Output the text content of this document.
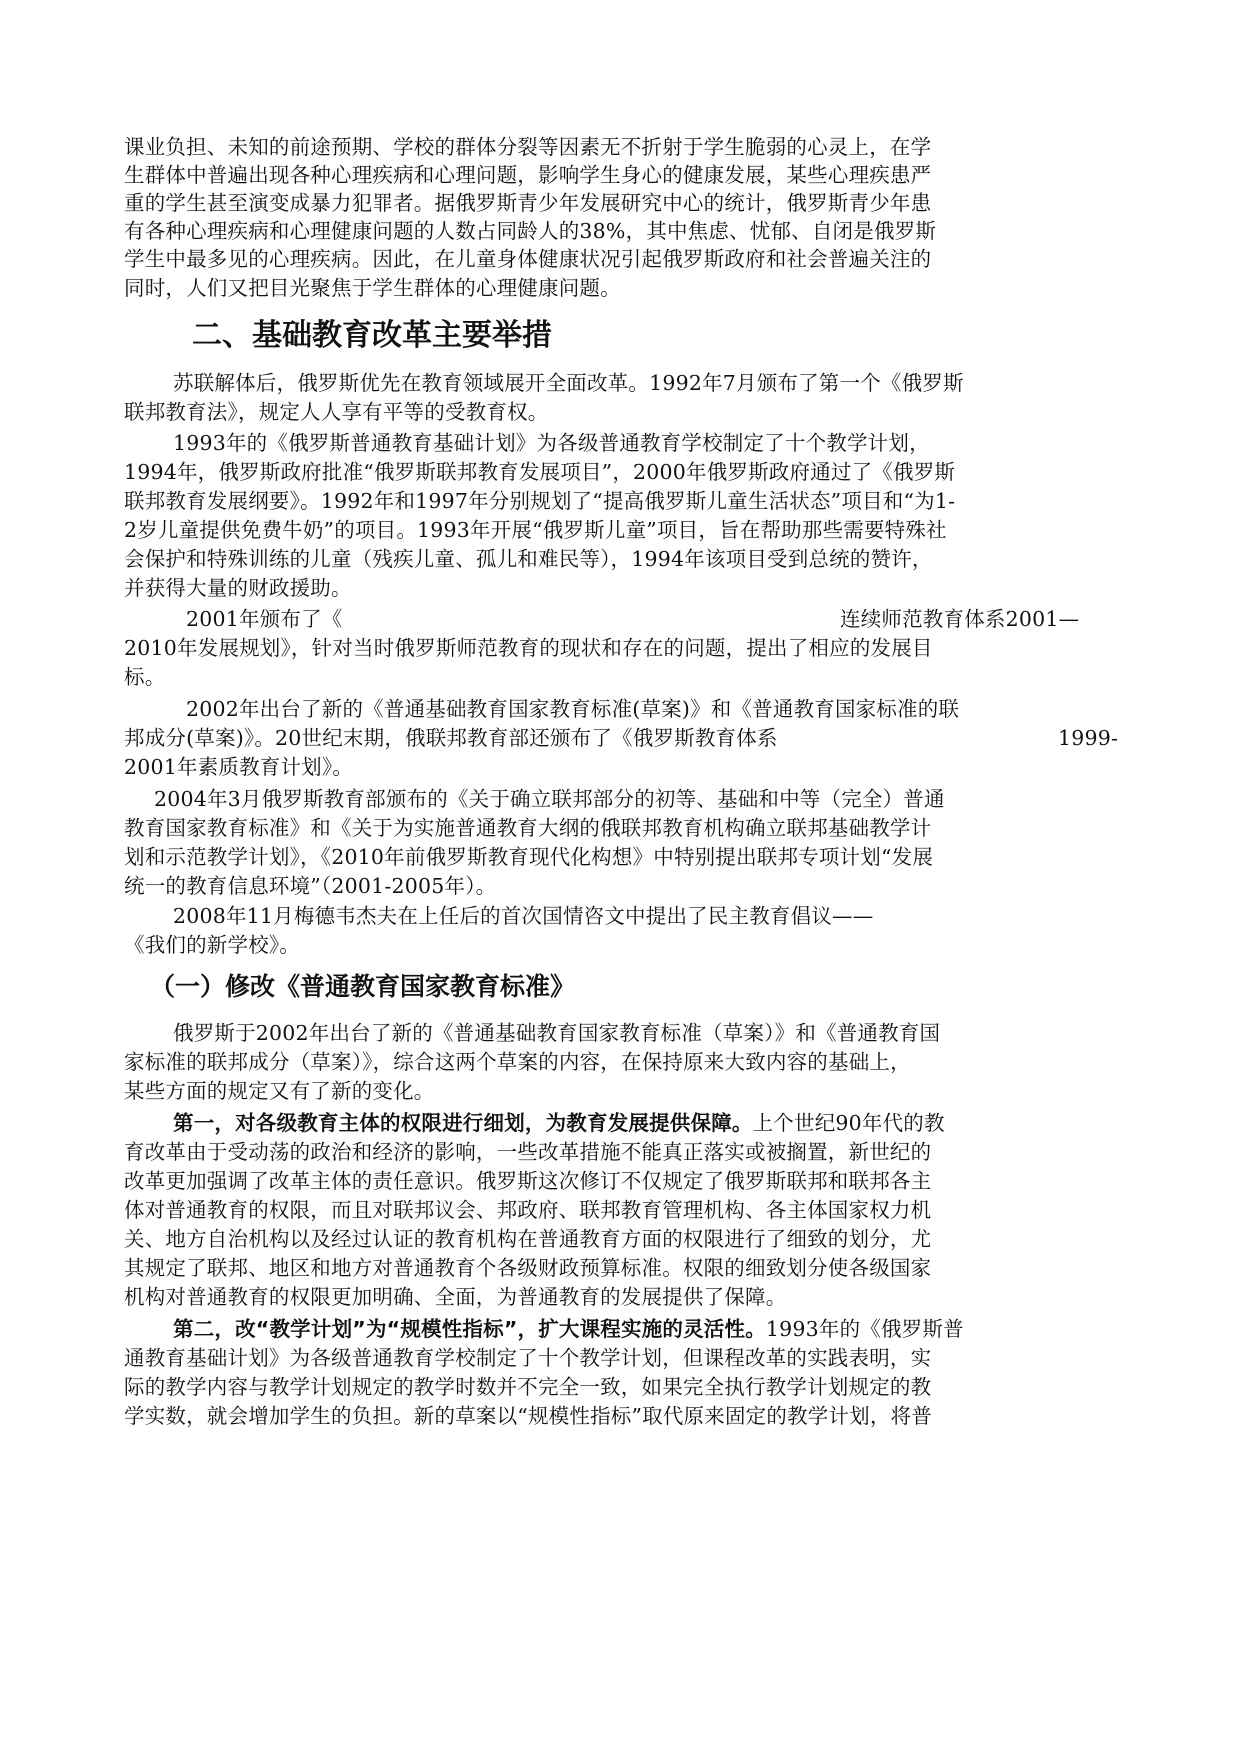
课业负担、未知的前途预期、学校的群体分裂等因素无不折射于学生脆弱的心灵上，在学
生群体中普遍出现各种心理疾病和心理问题，影响学生身心的健康发展，某些心理疾患严
重的学生甚至演变成暴力犯罪者。据俄罗斯青少年发展研究中心的统计，俄罗斯青少年患
有各种心理疾病和心理健康问题的人数占同龄人的38%，其中焦虑、忧郁、自闭是俄罗斯
学生中最多见的心理疾病。因此，在儿童身体健康状况引起俄罗斯政府和社会普遍关注的
同时，人们又把目光聚焦于学生群体的心理健康问题。
二、基础教育改革主要举措
苏联解体后，俄罗斯优先在教育领域展开全面改革。1992年7月颁布了第一个《俄罗斯
联邦教育法》，规定人人享有平等的受教育权。
1993年的《俄罗斯普通教育基础计划》为各级普通教育学校制定了十个教学计划，
1994年，俄罗斯政府批准“俄罗斯联邦教育发展项目”，2000年俄罗斯政府通过了《俄罗斯
联邦教育发展纲要》。1992年和1997年分别规划了“提高俄罗斯儿童生活状态”项目和“为1-
2岁儿童提供免费牛奶”的项目。1993年开展“俄罗斯儿童”项目，旨在帮助那些需要特殊社
会保护和特殊训练的儿童（残疾儿童、孤儿和难民等），1994年该项目受到总统的赞许，
并获得大量的财政援助。
2001年颁布了《	连续师范教育体系2001—
2010年发展规划》，针对当时俄罗斯师范教育的现状和存在的问题，提出了相应的发展目
标。
2002年出台了新的《普通基础教育国家教育标准(草案)》和《普通教育国家标准的联
邦成分(草案)》。20世纪末期，俄联邦教育部还颁布了《俄罗斯教育体系	1999-
2001年素质教育计划》。
2004年3月俄罗斯教育部颁布的《关于确立联邦部分的初等、基础和中等（完全）普通
教育国家教育标准》和《关于为实施普通教育大纲的俄联邦教育机构确立联邦基础教学计
划和示范教学计划》，《2010年前俄罗斯教育现代化构想》中特别提出联邦专项计划“发展
统一的教育信息环境”（2001-2005年）。
2008年11月梅德韦杰夫在上任后的首次国情咨文中提出了民主教育倡议——
《我们的新学校》。
（一）修改《普通教育国家教育标准》
俄罗斯于2002年出台了新的《普通基础教育国家教育标准（草案）》和《普通教育国
家标准的联邦成分（草案）》，综合这两个草案的内容，在保持原来大致内容的基础上，
某些方面的规定又有了新的变化。
第一，对各级教育主体的权限进行细划，为教育发展提供保障。上个世纪90年代的教
育改革由于受动荡的政治和经济的影响，一些改革措施不能真正落实或被搁置，新世纪的
改革更加强调了改革主体的责任意识。俄罗斯这次修订不仅规定了俄罗斯联邦和联邦各主
体对普通教育的权限，而且对联邦议会、邦政府、联邦教育管理机构、各主体国家权力机
关、地方自治机构以及经过认证的教育机构在普通教育方面的权限进行了细致的划分，尤
其规定了联邦、地区和地方对普通教育个各级财政预算标准。权限的细致划分使各级国家
机构对普通教育的权限更加明确、全面，为普通教育的发展提供了保障。
第二，改“教学计划”为“规模性指标”，扩大课程实施的灵活性。1993年的《俄罗斯普
通教育基础计划》为各级普通教育学校制定了十个教学计划，但课程改革的实践表明，实
际的教学内容与教学计划规定的教学时数并不完全一致，如果完全执行教学计划规定的教
学实数，就会增加学生的负担。新的草案以“规模性指标”取代原来固定的教学计划，将普
